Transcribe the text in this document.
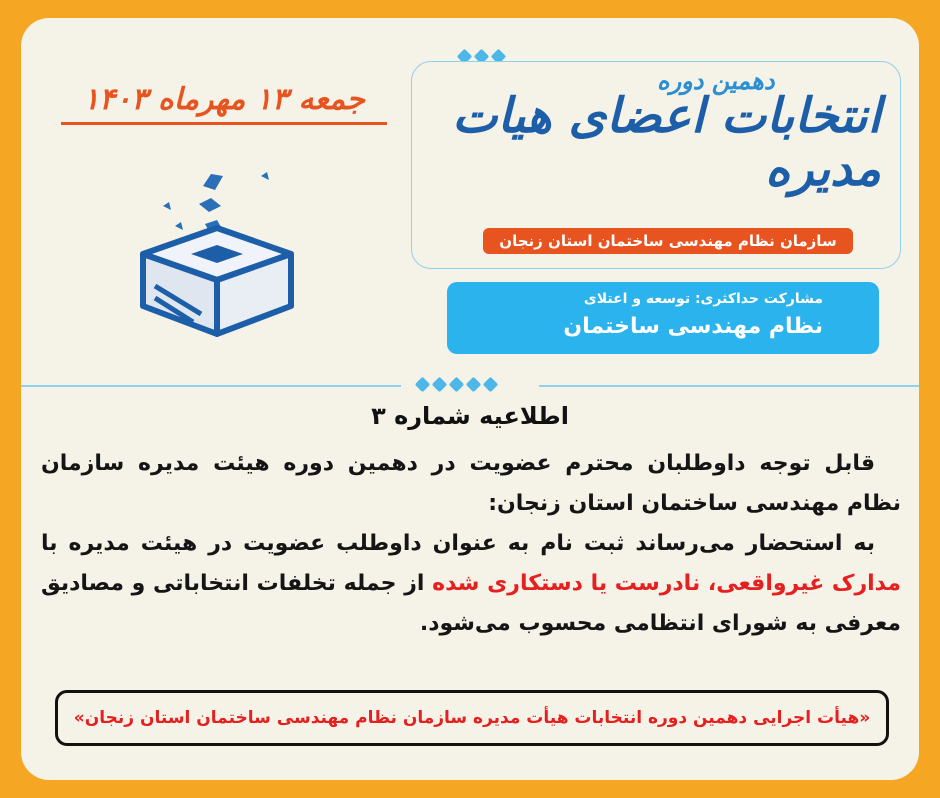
دهمین دوره
انتخابات اعضای هیات مدیره
سازمان نظام مهندسی ساختمان استان زنجان
مشارکت حداکثری: توسعه و اعتلای
نظام مهندسی ساختمان
جمعه ۱۳ مهرماه ۱۴۰۳
اطلاعیه شماره ۳
قابل توجه داوطلبان محترم عضویت در دهمین دوره هیئت مدیره سازمان نظام مهندسی ساختمان استان زنجان:
به استحضار می‌رساند ثبت نام به عنوان داوطلب عضویت در هیئت مدیره با مدارک غیرواقعی، نادرست یا دستکاری شده از جمله تخلفات انتخاباتی و مصادیق معرفی به شورای انتظامی محسوب می‌شود.
«هیأت اجرایی دهمین دوره انتخابات هیأت مدیره سازمان نظام مهندسی ساختمان استان زنجان»
